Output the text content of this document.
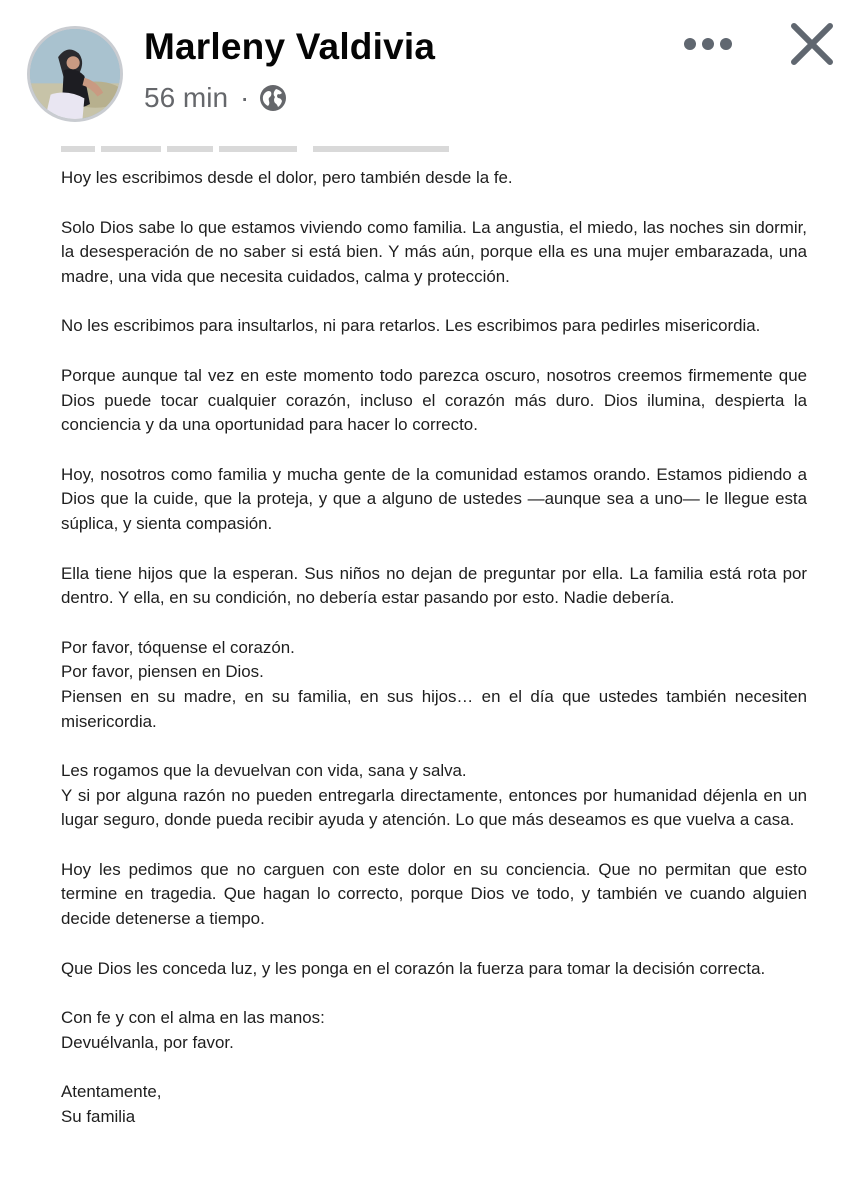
Marleny Valdivia
56 min ·

Hoy les escribimos desde el dolor, pero también desde la fe.

Solo Dios sabe lo que estamos viviendo como familia. La angustia, el miedo, las noches sin dormir, la desesperación de no saber si está bien. Y más aún, porque ella es una mujer embarazada, una madre, una vida que necesita cuidados, calma y protección.

No les escribimos para insultarlos, ni para retarlos. Les escribimos para pedirles misericordia.

Porque aunque tal vez en este momento todo parezca oscuro, nosotros creemos firmemente que Dios puede tocar cualquier corazón, incluso el corazón más duro. Dios ilumina, despierta la conciencia y da una oportunidad para hacer lo correcto.

Hoy, nosotros como familia y mucha gente de la comunidad estamos orando. Estamos pidiendo a Dios que la cuide, que la proteja, y que a alguno de ustedes —aunque sea a uno— le llegue esta súplica, y sienta compasión.

Ella tiene hijos que la esperan. Sus niños no dejan de preguntar por ella. La familia está rota por dentro. Y ella, en su condición, no debería estar pasando por esto. Nadie debería.

Por favor, tóquense el corazón.

Por favor, piensen en Dios.

Piensen en su madre, en su familia, en sus hijos… en el día que ustedes también necesiten misericordia.

Les rogamos que la devuelvan con vida, sana y salva.

Y si por alguna razón no pueden entregarla directamente, entonces por humanidad déjenla en un lugar seguro, donde pueda recibir ayuda y atención. Lo que más deseamos es que vuelva a casa.

Hoy les pedimos que no carguen con este dolor en su conciencia. Que no permitan que esto termine en tragedia. Que hagan lo correcto, porque Dios ve todo, y también ve cuando alguien decide detenerse a tiempo.

Que Dios les conceda luz, y les ponga en el corazón la fuerza para tomar la decisión correcta.

Con fe y con el alma en las manos:

Devuélvanla, por favor.

Atentamente,

Su familia
